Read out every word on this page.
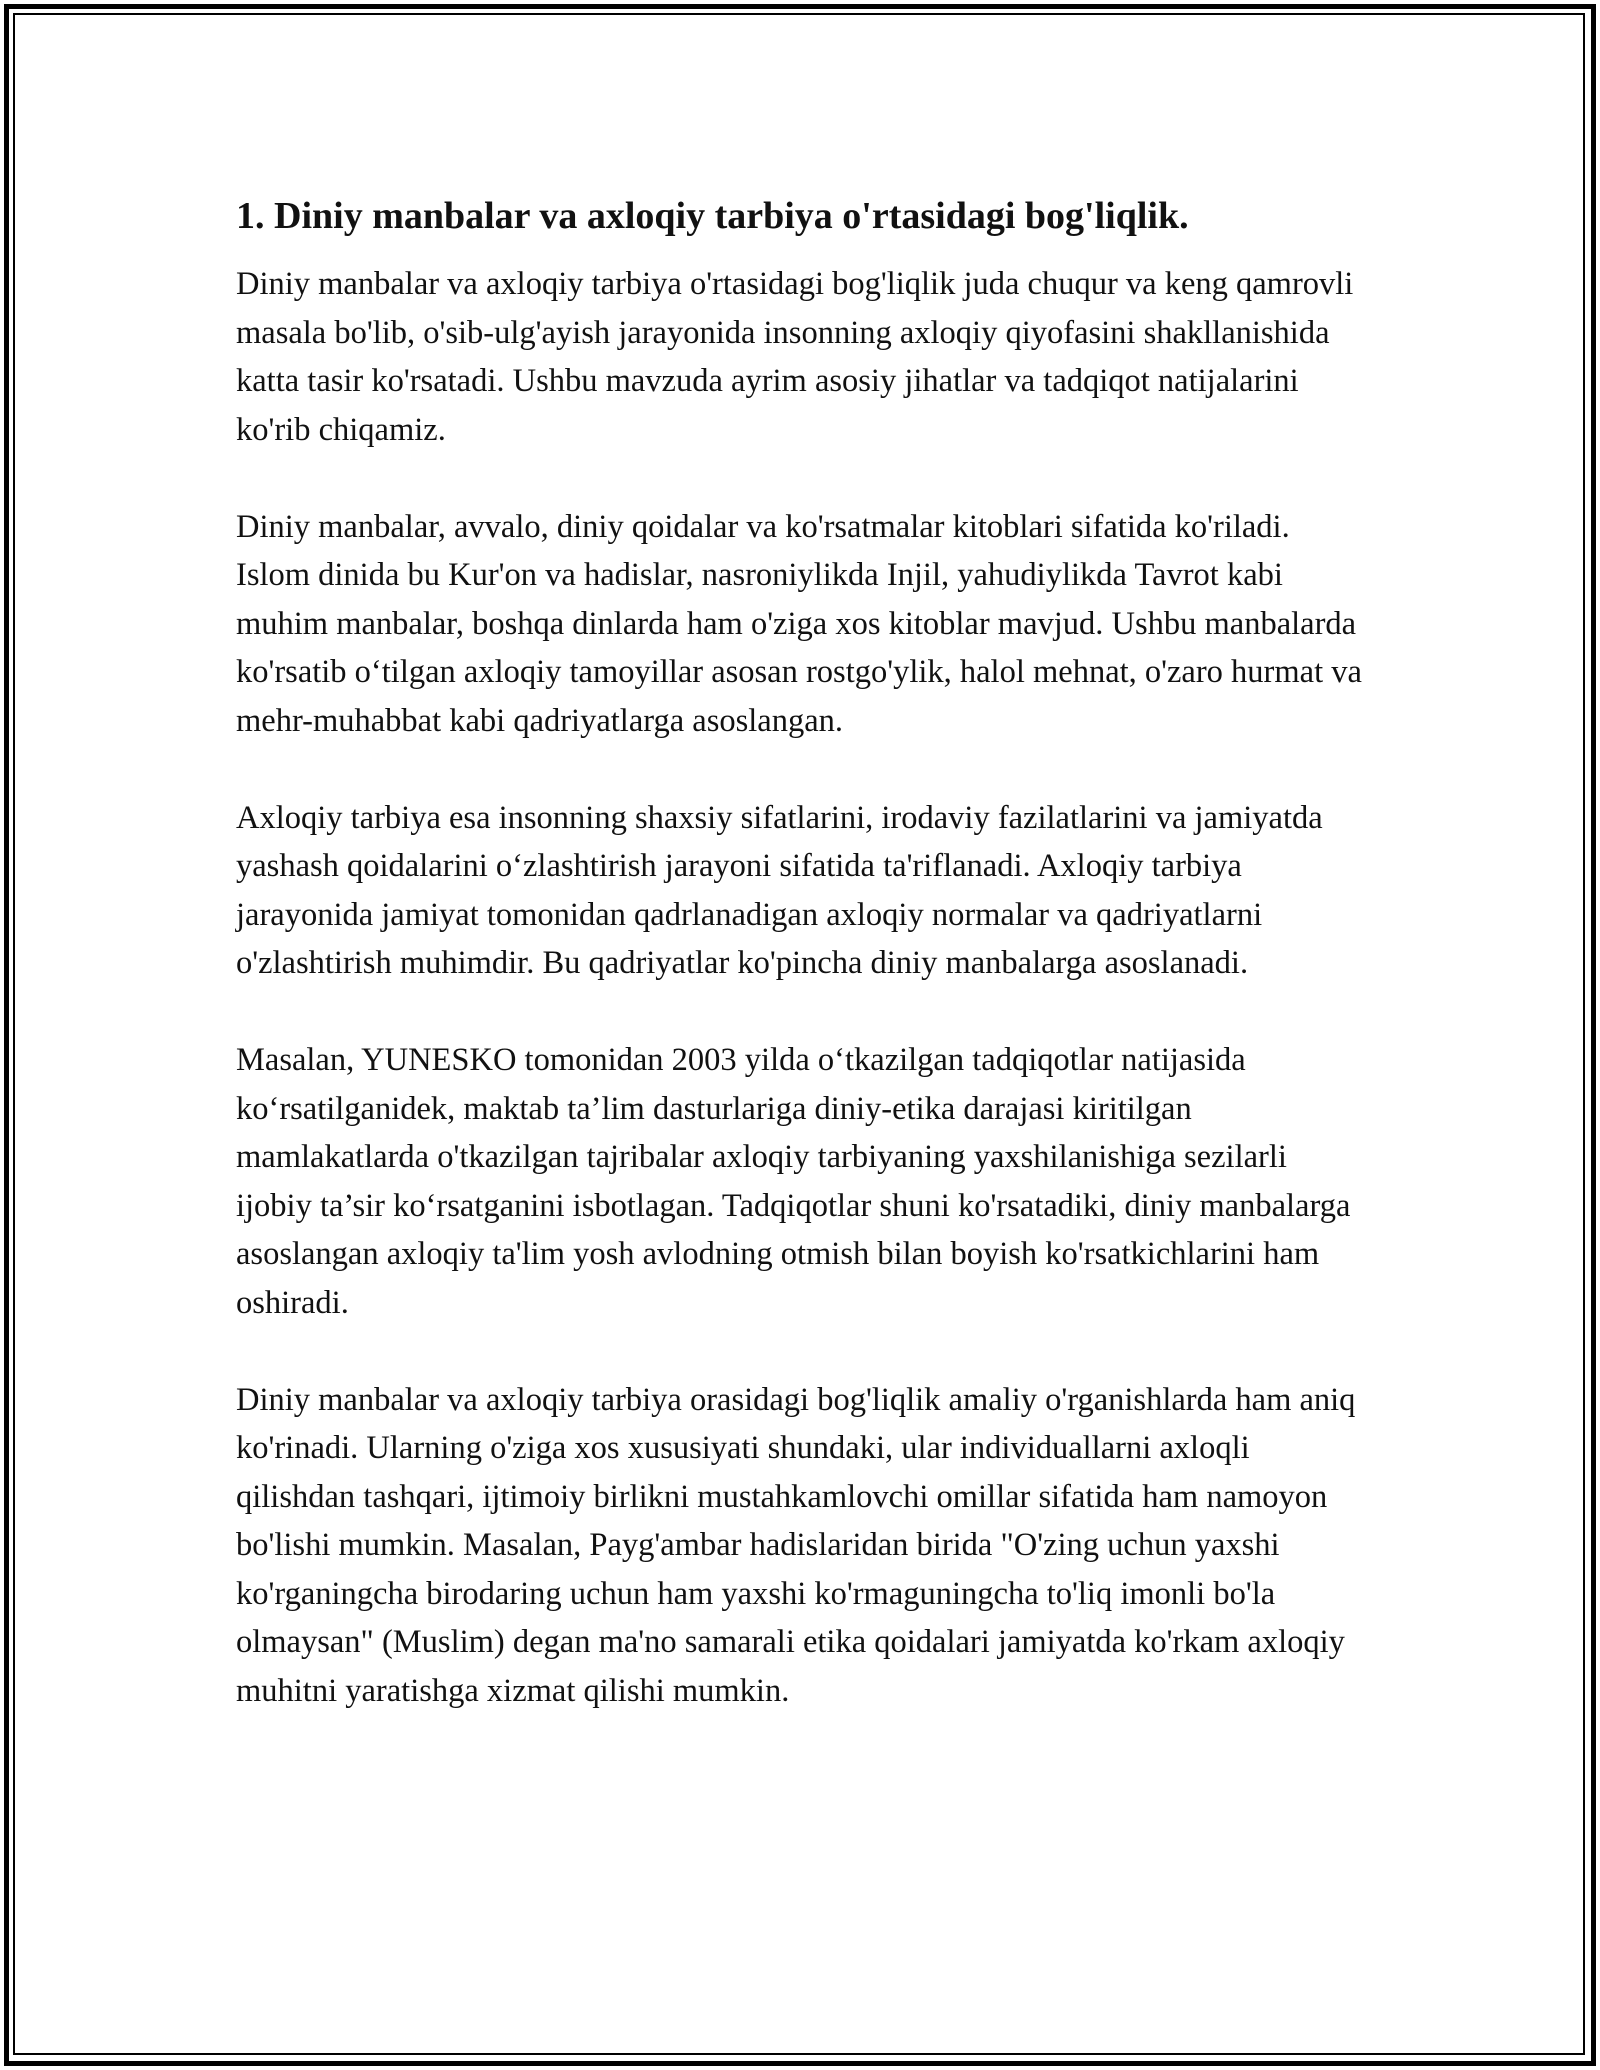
1. Diniy manbalar va axloqiy tarbiya o'rtasidagi bog'liqlik.

Diniy manbalar va axloqiy tarbiya o'rtasidagi bog'liqlik juda chuqur va keng qamrovli masala bo'lib, o'sib-ulg'ayish jarayonida insonning axloqiy qiyofasini shakllanishida katta tasir ko'rsatadi. Ushbu mavzuda ayrim asosiy jihatlar va tadqiqot natijalarini ko'rib chiqamiz.

Diniy manbalar, avvalo, diniy qoidalar va ko'rsatmalar kitoblari sifatida ko'riladi. Islom dinida bu Kur'on va hadislar, nasroniylikda Injil, yahudiylikda Tavrot kabi muhim manbalar, boshqa dinlarda ham o'ziga xos kitoblar mavjud. Ushbu manbalarda ko'rsatib o‘tilgan axloqiy tamoyillar asosan rostgo'ylik, halol mehnat, o'zaro hurmat va mehr-muhabbat kabi qadriyatlarga asoslangan.

Axloqiy tarbiya esa insonning shaxsiy sifatlarini, irodaviy fazilatlarini va jamiyatda yashash qoidalarini o‘zlashtirish jarayoni sifatida ta'riflanadi. Axloqiy tarbiya jarayonida jamiyat tomonidan qadrlanadigan axloqiy normalar va qadriyatlarni o'zlashtirish muhimdir. Bu qadriyatlar ko'pincha diniy manbalarga asoslanadi.

Masalan, YUNESKO tomonidan 2003 yilda o‘tkazilgan tadqiqotlar natijasida ko‘rsatilganidek, maktab ta’lim dasturlariga diniy-etika darajasi kiritilgan mamlakatlarda o'tkazilgan tajribalar axloqiy tarbiyaning yaxshilanishiga sezilarli ijobiy ta’sir ko‘rsatganini isbotlagan. Tadqiqotlar shuni ko'rsatadiki, diniy manbalarga asoslangan axloqiy ta'lim yosh avlodning otmish bilan boyish ko'rsatkichlarini ham oshiradi.

Diniy manbalar va axloqiy tarbiya orasidagi bog'liqlik amaliy o'rganishlarda ham aniq ko'rinadi. Ularning o'ziga xos xususiyati shundaki, ular individuallarni axloqli qilishdan tashqari, ijtimoiy birlikni mustahkamlovchi omillar sifatida ham namoyon bo'lishi mumkin. Masalan, Payg'ambar hadislaridan birida "O'zing uchun yaxshi ko'rganingcha birodaring uchun ham yaxshi ko'rmaguningcha to'liq imonli bo'la olmaysan" (Muslim) degan ma'no samarali etika qoidalari jamiyatda ko'rkam axloqiy muhitni yaratishga xizmat qilishi mumkin.
